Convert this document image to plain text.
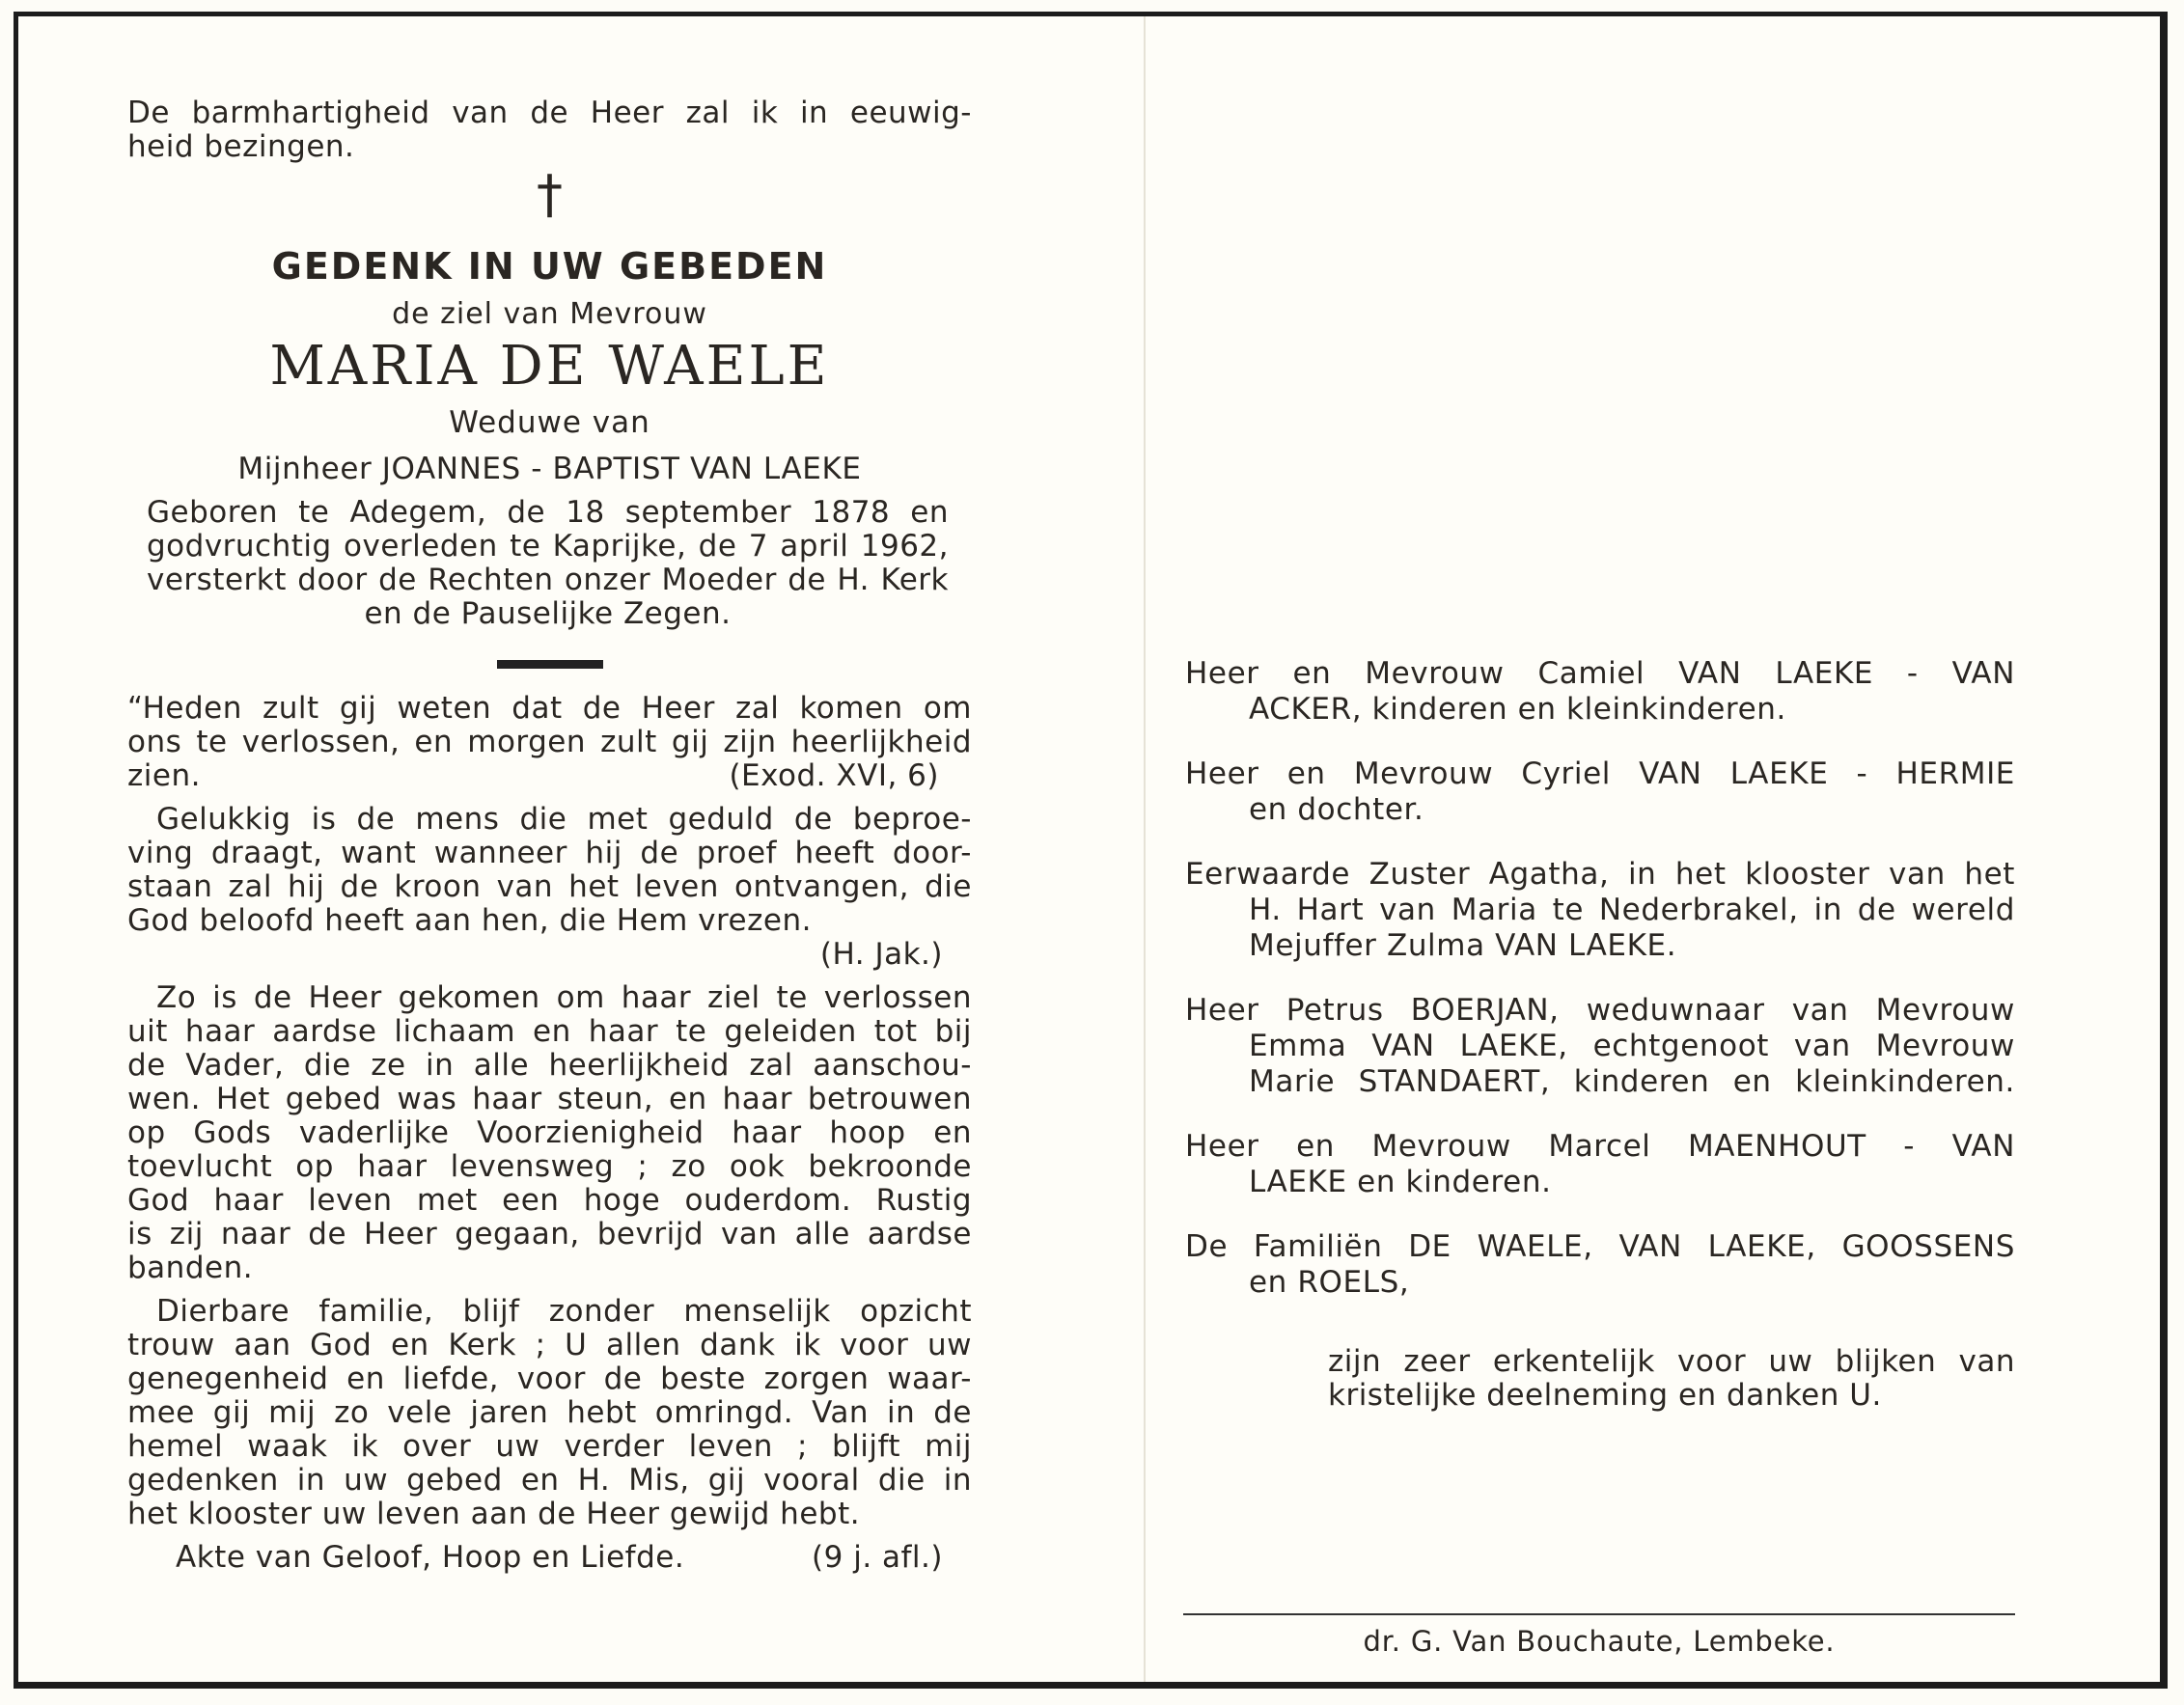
De barmhartigheid van de Heer zal ik in eeuwig-
heid bezingen.
†
GEDENK IN UW GEBEDEN
de ziel van Mevrouw
MARIA DE WAELE
Weduwe van
Mijnheer JOANNES - BAPTIST VAN LAEKE
Geboren te Adegem, de 18 september 1878 en
godvruchtig overleden te Kaprijke, de 7 april 1962,
versterkt door de Rechten onzer Moeder de H. Kerk
en de Pauselijke Zegen.
“Heden zult gij weten dat de Heer zal komen om
ons te verlossen, en morgen zult gij zijn heerlijkheid
zien.	(Exod. XVI, 6)
Gelukkig is de mens die met geduld de beproe-
ving draagt, want wanneer hij de proef heeft door-
staan zal hij de kroon van het leven ontvangen, die
God beloofd heeft aan hen, die Hem vrezen.
(H. Jak.)
Zo is de Heer gekomen om haar ziel te verlossen
uit haar aardse lichaam en haar te geleiden tot bij
de Vader, die ze in alle heerlijkheid zal aanschou-
wen. Het gebed was haar steun, en haar betrouwen
op Gods vaderlijke Voorzienigheid haar hoop en
toevlucht op haar levensweg ; zo ook bekroonde
God haar leven met een hoge ouderdom. Rustig
is zij naar de Heer gegaan, bevrijd van alle aardse
banden.
Dierbare familie, blijf zonder menselijk opzicht
trouw aan God en Kerk ; U allen dank ik voor uw
genegenheid en liefde, voor de beste zorgen waar-
mee gij mij zo vele jaren hebt omringd. Van in de
hemel waak ik over uw verder leven ; blijft mij
gedenken in uw gebed en H. Mis, gij vooral die in
het klooster uw leven aan de Heer gewijd hebt.
Akte van Geloof, Hoop en Liefde.	(9 j. afl.)
Heer en Mevrouw Camiel VAN LAEKE - VAN
ACKER, kinderen en kleinkinderen.
Heer en Mevrouw Cyriel VAN LAEKE - HERMIE
en dochter.
Eerwaarde Zuster Agatha, in het klooster van het
H. Hart van Maria te Nederbrakel, in de wereld
Mejuffer Zulma VAN LAEKE.
Heer Petrus BOERJAN, weduwnaar van Mevrouw
Emma VAN LAEKE, echtgenoot van Mevrouw
Marie STANDAERT, kinderen en kleinkinderen.
Heer en Mevrouw Marcel MAENHOUT - VAN
LAEKE en kinderen.
De Familiën DE WAELE, VAN LAEKE, GOOSSENS
en ROELS,
zijn zeer erkentelijk voor uw blijken van
kristelijke deelneming en danken U.
dr. G. Van Bouchaute, Lembeke.
